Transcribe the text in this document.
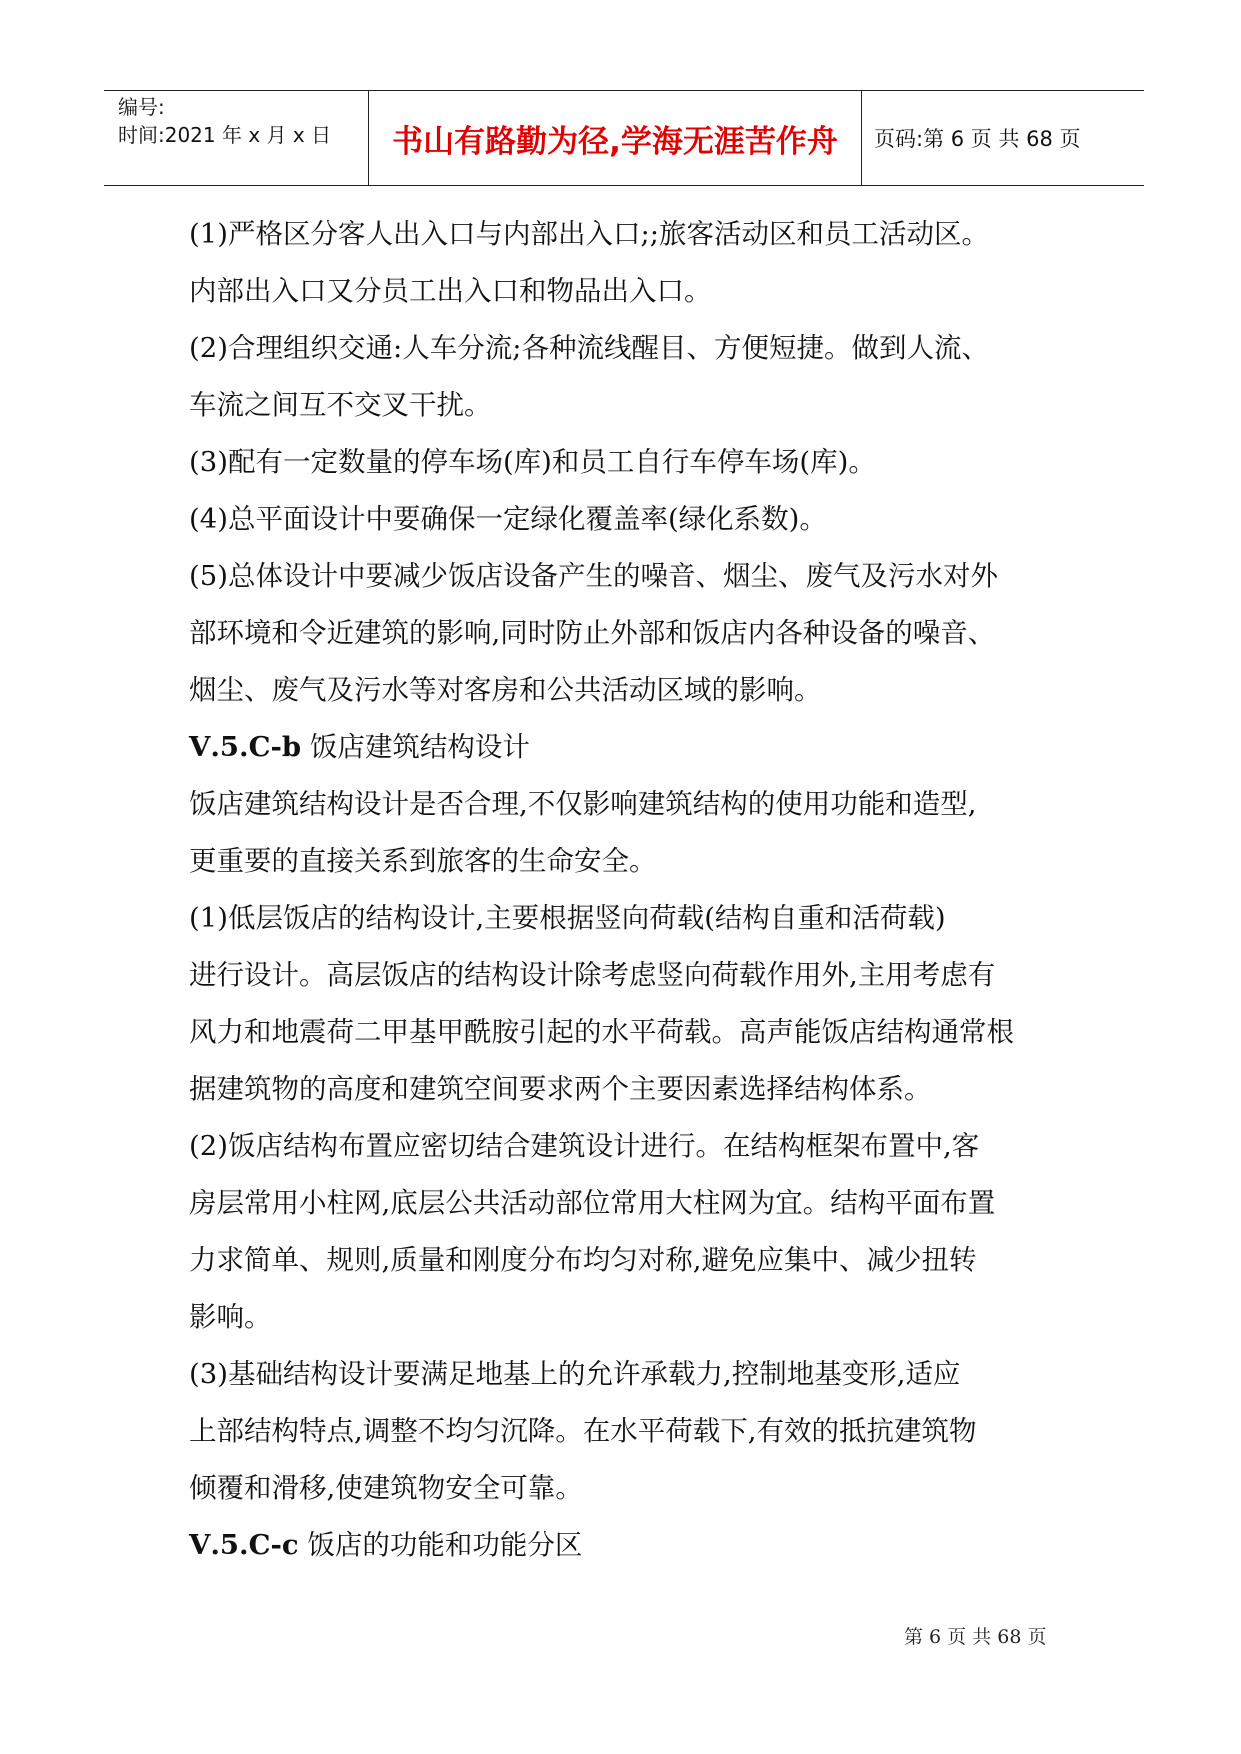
编号:
时间:2021 年 x 月 x 日	书山有路勤为径,学海无涯苦作舟	页码:第 6 页 共 68 页

(1)严格区分客人出入口与内部出入口;;旅客活动区和员工活动区。

内部出入口又分员工出入口和物品出入口。

(2)合理组织交通:人车分流;各种流线醒目、方便短捷。做到人流、

车流之间互不交叉干扰。

(3)配有一定数量的停车场(库)和员工自行车停车场(库)。

(4)总平面设计中要确保一定绿化覆盖率(绿化系数)。

(5)总体设计中要减少饭店设备产生的噪音、烟尘、废气及污水对外

部环境和令近建筑的影响,同时防止外部和饭店内各种设备的噪音、

烟尘、废气及污水等对客房和公共活动区域的影响。

Ⅴ.5.C-b 饭店建筑结构设计

饭店建筑结构设计是否合理,不仅影响建筑结构的使用功能和造型,

更重要的直接关系到旅客的生命安全。

(1)低层饭店的结构设计,主要根据竖向荷载(结构自重和活荷载)

进行设计。高层饭店的结构设计除考虑竖向荷载作用外,主用考虑有

风力和地震荷二甲基甲酰胺引起的水平荷载。高声能饭店结构通常根

据建筑物的高度和建筑空间要求两个主要因素选择结构体系。

(2)饭店结构布置应密切结合建筑设计进行。在结构框架布置中,客

房层常用小柱网,底层公共活动部位常用大柱网为宜。结构平面布置

力求简单、规则,质量和刚度分布均匀对称,避免应集中、减少扭转

影响。

(3)基础结构设计要满足地基上的允许承载力,控制地基变形,适应

上部结构特点,调整不均匀沉降。在水平荷载下,有效的抵抗建筑物

倾覆和滑移,使建筑物安全可靠。

Ⅴ.5.C-c 饭店的功能和功能分区

第 6 页 共 68 页
